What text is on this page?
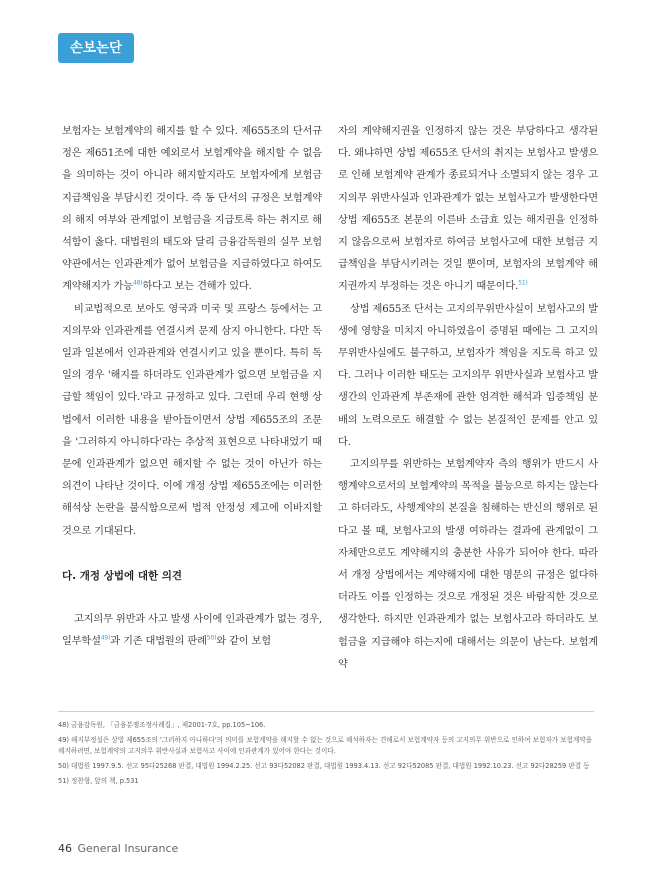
손보논단

보험자는 보험계약의 해지를 할 수 있다. 제655조의 단서규정은 제651조에 대한 예외로서 보험계약을 해지할 수 없음을 의미하는 것이 아니라 해지할지라도 보험자에게 보험금 지급책임을 부담시킨 것이다. 즉 동 단서의 규정은 보험계약의 해지 여부와 관계없이 보험금을 지급토록 하는 취지로 해석함이 옳다. 대법원의 태도와 달리 금융감독원의 실무 보험약관에서는 인과관계가 없어 보험금을 지급하였다고 하여도 계약해지가 가능$^{48)}$하다고 보는 견해가 있다.

비교법적으로 보아도 영국과 미국 및 프랑스 등에서는 고지의무와 인과관계를 연결시켜 문제 삼지 아니한다. 다만 독일과 일본에서 인과관계와 연결시키고 있을 뿐이다. 특히 독일의 경우 '해지를 하더라도 인과관계가 없으면 보험금을 지급할 책임이 있다.'라고 규정하고 있다. 그런데 우리 현행 상법에서 이러한 내용을 받아들이면서 상법 제655조의 조문을 '그러하지 아니하다'라는 추상적 표현으로 나타내었기 때문에 인과관계가 없으면 해지할 수 없는 것이 아닌가 하는 의견이 나타난 것이다. 이에 개정 상법 제655조에는 이러한 해석상 논란을 불식함으로써 법적 안정성 제고에 이바지할 것으로 기대된다.

다. 개정 상법에 대한 의견

고지의무 위반과 사고 발생 사이에 인과관계가 없는 경우, 일부학설$^{49)}$과 기존 대법원의 판례$^{50)}$와 같이 보험

자의 계약해지권을 인정하지 않는 것은 부당하다고 생각된다. 왜냐하면 상법 제655조 단서의 취지는 보험사고 발생으로 인해 보험계약 관계가 종료되거나 소멸되지 않는 경우 고지의무 위반사실과 인과관계가 없는 보험사고가 발생한다면 상법 제655조 본문의 이른바 소급효 있는 해지권을 인정하지 않음으로써 보험자로 하여금 보험사고에 대한 보험금 지급책임을 부담시키려는 것일 뿐이며, 보험자의 보험계약 해지권까지 부정하는 것은 아니기 때문이다.$^{51)}$

상법 제655조 단서는 고지의무위반사실이 보험사고의 발생에 영향을 미치지 아니하였음이 증명된 때에는 그 고지의무위반사실에도 불구하고, 보험자가 책임을 지도록 하고 있다. 그러나 이러한 태도는 고지의무 위반사실과 보험사고 발생간의 인과관계 부존재에 관한 엄격한 해석과 입증책임 분배의 노력으로도 해결할 수 없는 본질적인 문제를 안고 있다.

고지의무를 위반하는 보험계약자 측의 행위가 반드시 사행계약으로서의 보험계약의 목적을 불능으로 하지는 않는다고 하더라도, 사행계약의 본질을 침해하는 반신의 행위로 된다고 볼 때, 보험사고의 발생 여하라는 결과에 관계없이 그 자체만으로도 계약해지의 충분한 사유가 되어야 한다. 따라서 개정 상법에서는 계약해지에 대한 명문의 규정은 없다하더라도 이를 인정하는 것으로 개정된 것은 바람직한 것으로 생각한다. 하지만 인과관계가 없는 보험사고라 하더라도 보험금을 지급해야 하는지에 대해서는 의문이 남는다. 보험계약

48) 금융감독원, 「금융분쟁조정사례집」, 제2001-7호, pp.105~106.
49) 해지부정설은 상법 제655조의 '그러하지 아니하다'의 의미를 보험계약을 해지할 수 없는 것으로 해석하자는 견해로서 보험계약자 등의 고지의무 위반으로 인하여 보험자가 보험계약을 해지하려면, 보험계약의 고지의무 위반사실과 보험사고 사이에 인과관계가 있어야 한다는 것이다.
50) 대법원 1997.9.5. 선고 95다25268 판결, 대법원 1994.2.25. 선고 93다52082 판결, 대법원 1993.4.13. 선고 92다52085 판결, 대법원 1992.10.23. 선고 92다28259 판결 등
51) 정찬형, 앞의 책, p.531
46 General Insurance
